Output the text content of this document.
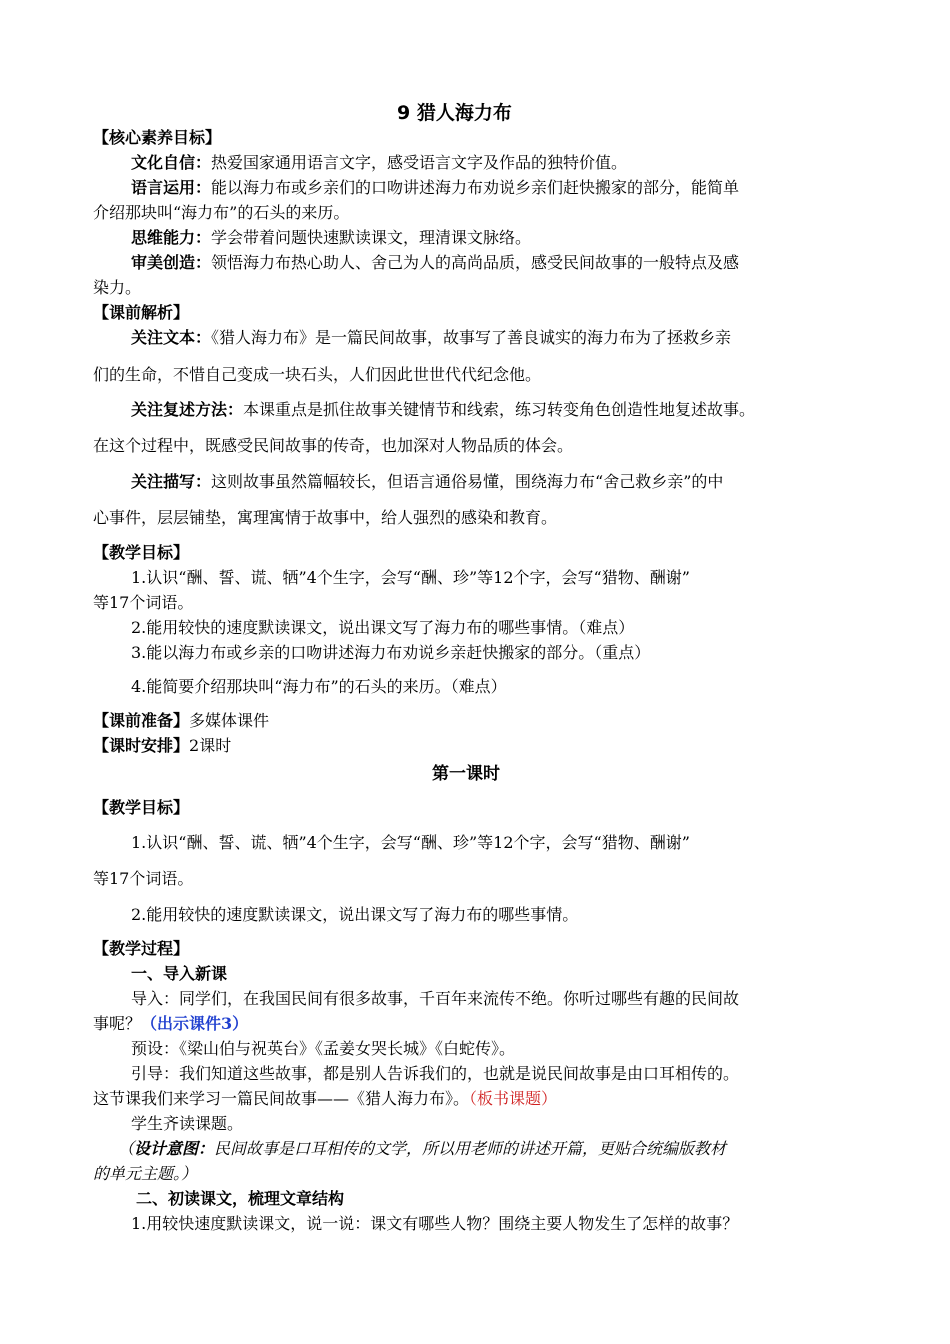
9 猎人海力布
【核心素养目标】
文化自信：热爱国家通用语言文字，感受语言文字及作品的独特价值。
语言运用：能以海力布或乡亲们的口吻讲述海力布劝说乡亲们赶快搬家的部分，能简单
介绍那块叫“海力布”的石头的来历。
思维能力：学会带着问题快速默读课文，理清课文脉络。
审美创造：领悟海力布热心助人、舍己为人的高尚品质，感受民间故事的一般特点及感
染力。
【课前解析】
关注文本：《猎人海力布》是一篇民间故事，故事写了善良诚实的海力布为了拯救乡亲
们的生命，不惜自己变成一块石头，人们因此世世代代纪念他。
关注复述方法：本课重点是抓住故事关键情节和线索，练习转变角色创造性地复述故事。
在这个过程中，既感受民间故事的传奇，也加深对人物品质的体会。
关注描写：这则故事虽然篇幅较长，但语言通俗易懂，围绕海力布“舍己救乡亲”的中
心事件，层层铺垫，寓理寓情于故事中，给人强烈的感染和教育。
【教学目标】
1.认识“酬、誓、谎、牺”4个生字，会写“酬、珍”等12个字，会写“猎物、酬谢”
等17个词语。
2.能用较快的速度默读课文，说出课文写了海力布的哪些事情。（难点）
3.能以海力布或乡亲的口吻讲述海力布劝说乡亲赶快搬家的部分。（重点）
4.能简要介绍那块叫“海力布”的石头的来历。（难点）
【课前准备】多媒体课件
【课时安排】2课时
第一课时
【教学目标】
1.认识“酬、誓、谎、牺”4个生字，会写“酬、珍”等12个字，会写“猎物、酬谢”
等17个词语。
2.能用较快的速度默读课文，说出课文写了海力布的哪些事情。
【教学过程】
一、导入新课
导入：同学们，在我国民间有很多故事，千百年来流传不绝。你听过哪些有趣的民间故
事呢？（出示课件3）
预设：《梁山伯与祝英台》《孟姜女哭长城》《白蛇传》。
引导：我们知道这些故事，都是别人告诉我们的，也就是说民间故事是由口耳相传的。
这节课我们来学习一篇民间故事——《猎人海力布》。（板书课题）
学生齐读课题。
（设计意图：民间故事是口耳相传的文学，所以用老师的讲述开篇，更贴合统编版教材
的单元主题。）
二、初读课文，梳理文章结构
1.用较快速度默读课文，说一说：课文有哪些人物？围绕主要人物发生了怎样的故事？
